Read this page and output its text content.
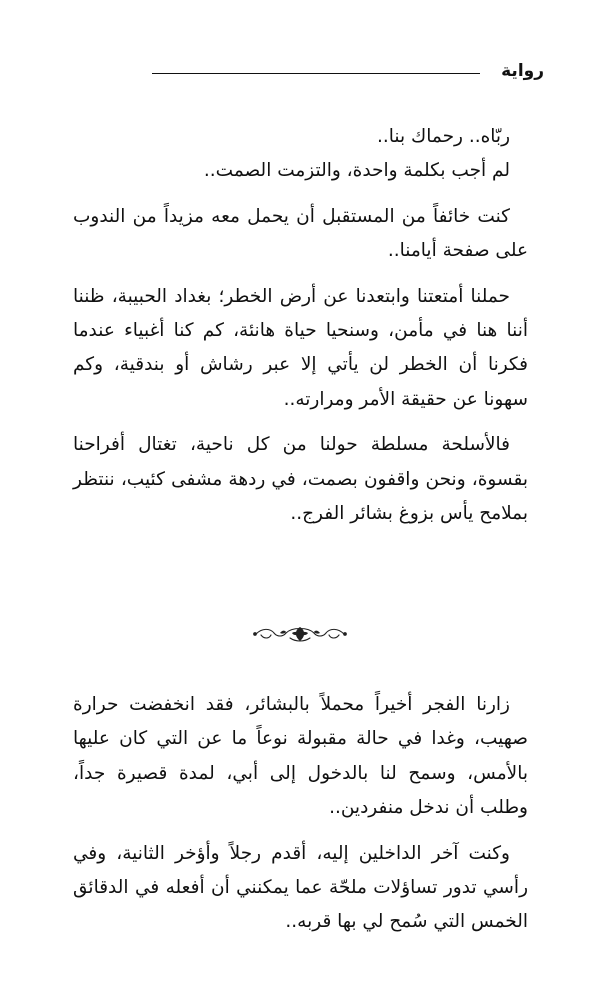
رواية

ربّاه.. رحماك بنا..

لم أجب بكلمة واحدة، والتزمت الصمت..

كنت خائفاً من المستقبل أن يحمل معه مزيداً من الندوب على صفحة أيامنا..

حملنا أمتعتنا وابتعدنا عن أرض الخطر؛ بغداد الحبيبة، ظننا أننا هنا في مأمن، وسنحيا حياة هانئة، كم كنا أغبياء عندما فكرنا أن الخطر لن يأتي إلا عبر رشاش أو بندقية، وكم سهونا عن حقيقة الأمر ومرارته..

فالأسلحة مسلطة حولنا من كل ناحية، تغتال أفراحنا بقسوة، ونحن واقفون بصمت، في ردهة مشفى كئيب، ننتظر بملامح يأس بزوغ بشائر الفرج..

زارنا الفجر أخيراً محملاً بالبشائر، فقد انخفضت حرارة صهيب، وغدا في حالة مقبولة نوعاً ما عن التي كان عليها بالأمس، وسمح لنا بالدخول إلى أبي، لمدة قصيرة جداً، وطلب أن ندخل منفردين..

وكنت آخر الداخلين إليه، أقدم رجلاً وأؤخر الثانية، وفي رأسي تدور تساؤلات ملحّة عما يمكنني أن أفعله في الدقائق الخمس التي سُمح لي بها قربه..
